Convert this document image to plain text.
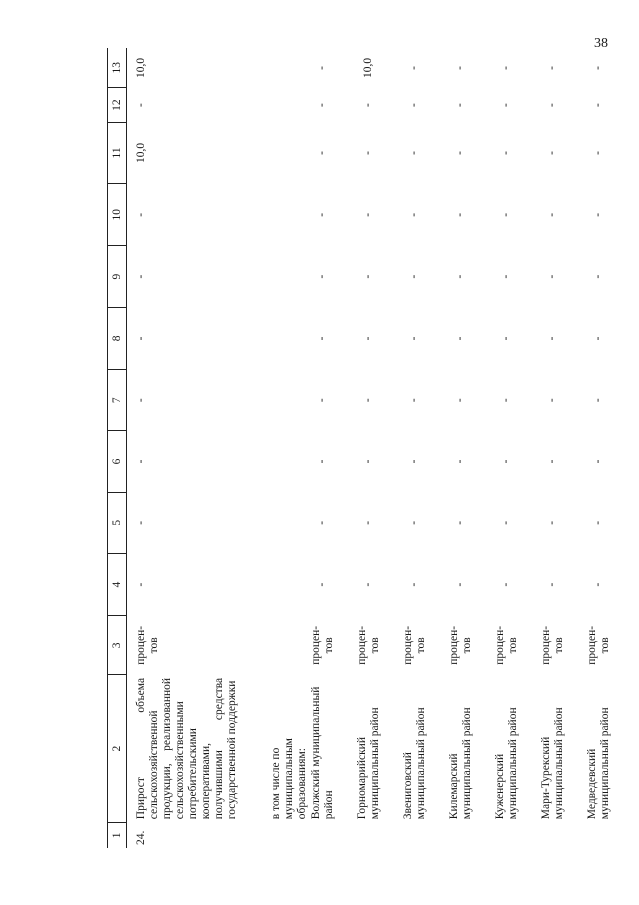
38
1	2	3	4	5	6	7	8	9	10	11	12	13
24.	Прирост объема сельскохозяйственной продукции, реализованной сельскохозяйственными потребительскими кооперативами, получившими средства государственной поддержки	процен-тов	-	-	-	-	-	-	-	10,0	-	10,0
	в том числе по муниципальным образованиям:											
	Волжский муниципальный район	процен-тов	-	-	-	-	-	-	-	-	-	-
	Горномарийский муниципальный район	процен-тов	-	-	-	-	-	-	-	-	-	10,0
	Звениговский муниципальный район	процен-тов	-	-	-	-	-	-	-	-	-	-
	Килемарский муниципальный район	процен-тов	-	-	-	-	-	-	-	-	-	-
	Куженерский муниципальный район	процен-тов	-	-	-	-	-	-	-	-	-	-
	Мари-Турекский муниципальный район	процен-тов	-	-	-	-	-	-	-	-	-	-
	Медведевский муниципальный район	процен-тов	-	-	-	-	-	-	-	-	-	-
